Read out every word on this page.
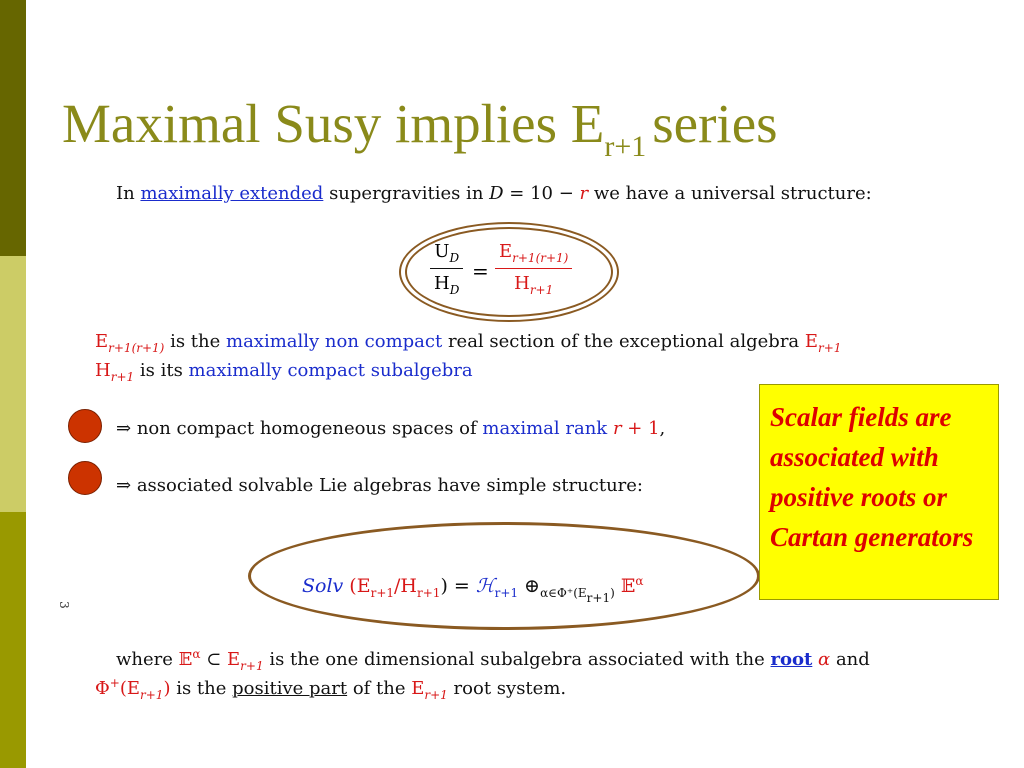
Maximal Susy implies $E_{r+1}$ series
In maximally extended supergravities in D = 10 − r we have a universal structure:
$U_D$
$H_D$
=
$E_{r+1(r+1)}$
$H_{r+1}$
$E_{r+1(r+1)}$ is the maximally non compact real section of the exceptional algebra $E_{r+1}$
$H_{r+1}$ is its maximally compact subalgebra
⇒ non compact homogeneous spaces of maximal rank r + 1,
⇒ associated solvable Lie algebras have simple structure:
Solv $(E_{r+1}/H_{r+1})$ = ℋ$_{r+1}$ $\oplus_{\alpha\in\Phi^+(E_{r+1})}$ 𝔼$^\alpha$
Scalar fields are associated with positive roots or Cartan generators
3
where 𝔼$^\alpha$ ⊂ $E_{r+1}$ is the one dimensional subalgebra associated with the root α and
$\Phi^+(E_{r+1})$ is the positive part of the $E_{r+1}$ root system.
